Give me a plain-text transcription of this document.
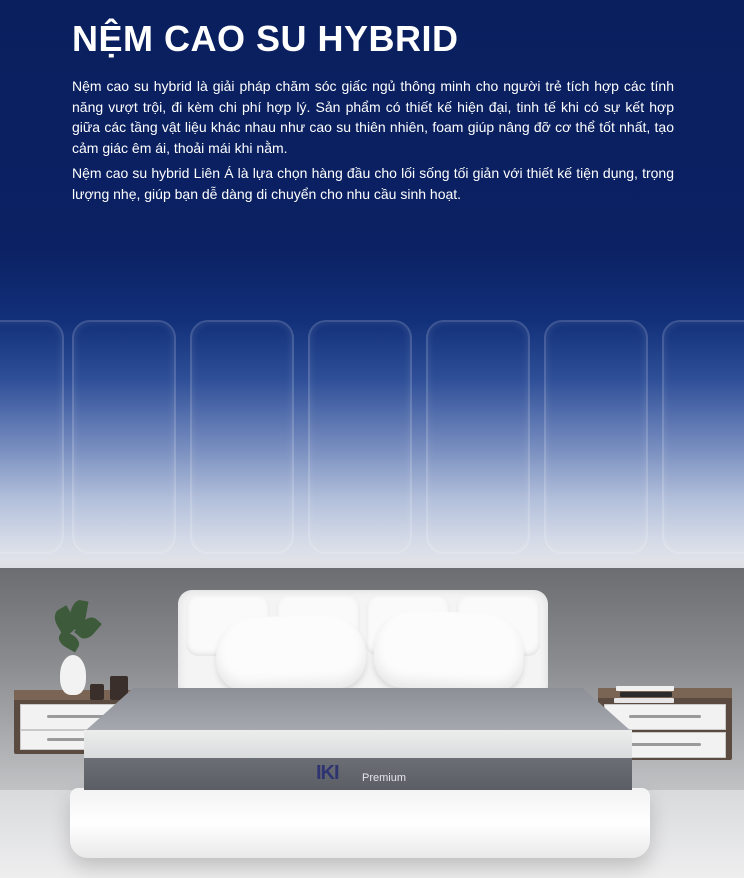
NỆM CAO SU HYBRID

Nệm cao su hybrid là giải pháp chăm sóc giấc ngủ thông minh cho người trẻ tích hợp các tính năng vượt trội, đi kèm chi phí hợp lý. Sản phẩm có thiết kế hiện đại, tinh tế khi có sự kết hợp giữa các tầng vật liệu khác nhau như cao su thiên nhiên, foam giúp nâng đỡ cơ thể tốt nhất, tạo cảm giác êm ái, thoải mái khi nằm.

Nệm cao su hybrid Liên Á là lựa chọn hàng đầu cho lối sống tối giản với thiết kế tiện dụng, trọng lượng nhẹ, giúp bạn dễ dàng di chuyển cho nhu cầu sinh hoạt.

IKI Premium
